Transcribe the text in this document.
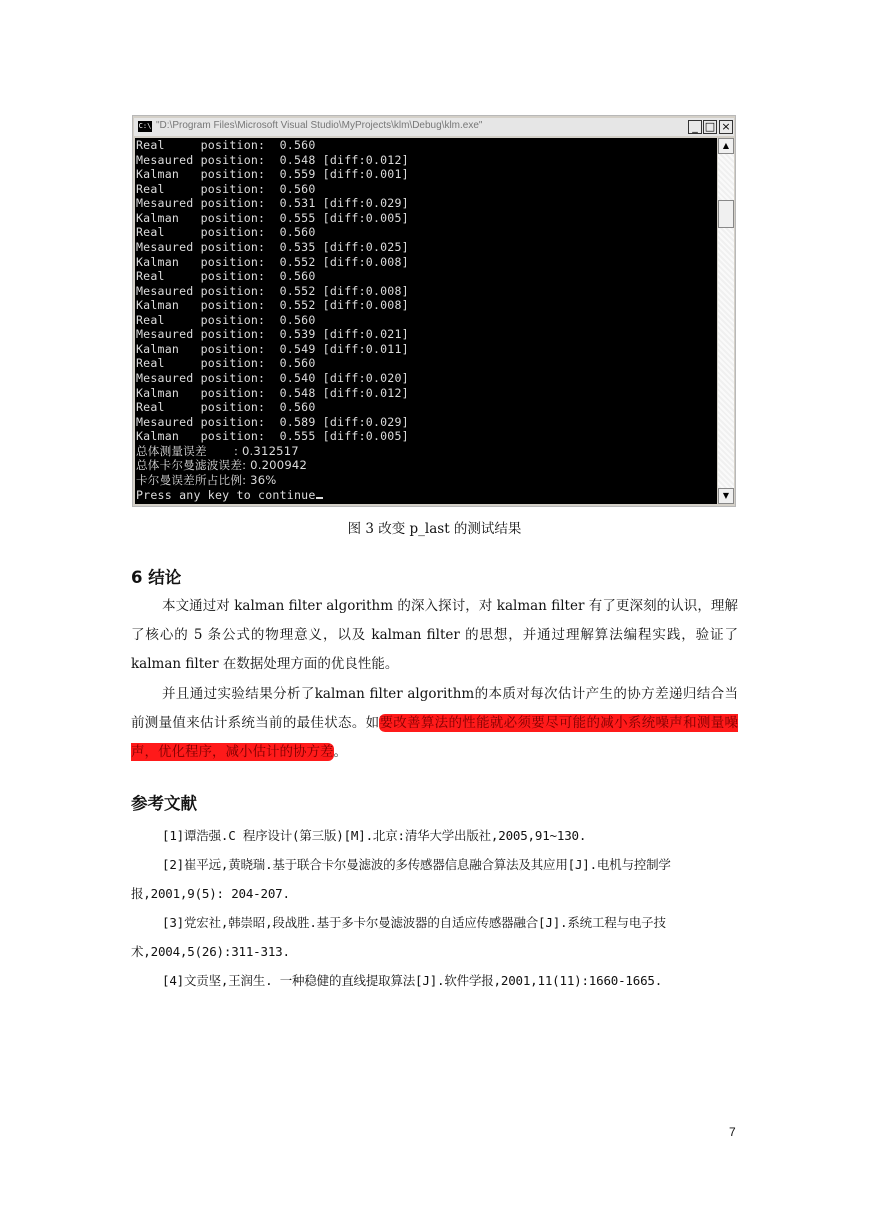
C:\ "D:\Program Files\Microsoft Visual Studio\MyProjects\klm\Debug\klm.exe"	_ □ ×
Real     position:  0.560
Mesaured position:  0.548 [diff:0.012]
Kalman   position:  0.559 [diff:0.001]
Real     position:  0.560
Mesaured position:  0.531 [diff:0.029]
Kalman   position:  0.555 [diff:0.005]
Real     position:  0.560
Mesaured position:  0.535 [diff:0.025]
Kalman   position:  0.552 [diff:0.008]
Real     position:  0.560
Mesaured position:  0.552 [diff:0.008]
Kalman   position:  0.552 [diff:0.008]
Real     position:  0.560
Mesaured position:  0.539 [diff:0.021]
Kalman   position:  0.549 [diff:0.011]
Real     position:  0.560
Mesaured position:  0.540 [diff:0.020]
Kalman   position:  0.548 [diff:0.012]
Real     position:  0.560
Mesaured position:  0.589 [diff:0.029]
Kalman   position:  0.555 [diff:0.005]
总体测量误差       : 0.312517
总体卡尔曼滤波误差: 0.200942
卡尔曼误差所占比例: 36%
Press any key to continue
▲
▼
图 3 改变 p_last 的测试结果
6 结论
本文通过对 kalman filter algorithm 的深入探讨，对 kalman filter 有了更深刻的认识，理解了核心的 5 条公式的物理意义，以及 kalman filter 的思想，并通过理解算法编程实践，验证了 kalman filter 在数据处理方面的优良性能。
并且通过实验结果分析了kalman filter algorithm的本质对每次估计产生的协方差递归结合当前测量值来估计系统当前的最佳状态。如要改善算法的性能就必须要尽可能的减小系统噪声和测量噪声，优化程序，减小估计的协方差。
参考文献
[1]谭浩强.C 程序设计(第三版)[M].北京:清华大学出版社,2005,91~130.
[2]崔平远,黄晓瑞.基于联合卡尔曼滤波的多传感器信息融合算法及其应用[J].电机与控制学报,2001,9(5): 204-207.
[3]党宏社,韩崇昭,段战胜.基于多卡尔曼滤波器的自适应传感器融合[J].系统工程与电子技术,2004,5(26):311-313.
[4]文贡坚,王润生. 一种稳健的直线提取算法[J].软件学报,2001,11(11):1660-1665.
7
